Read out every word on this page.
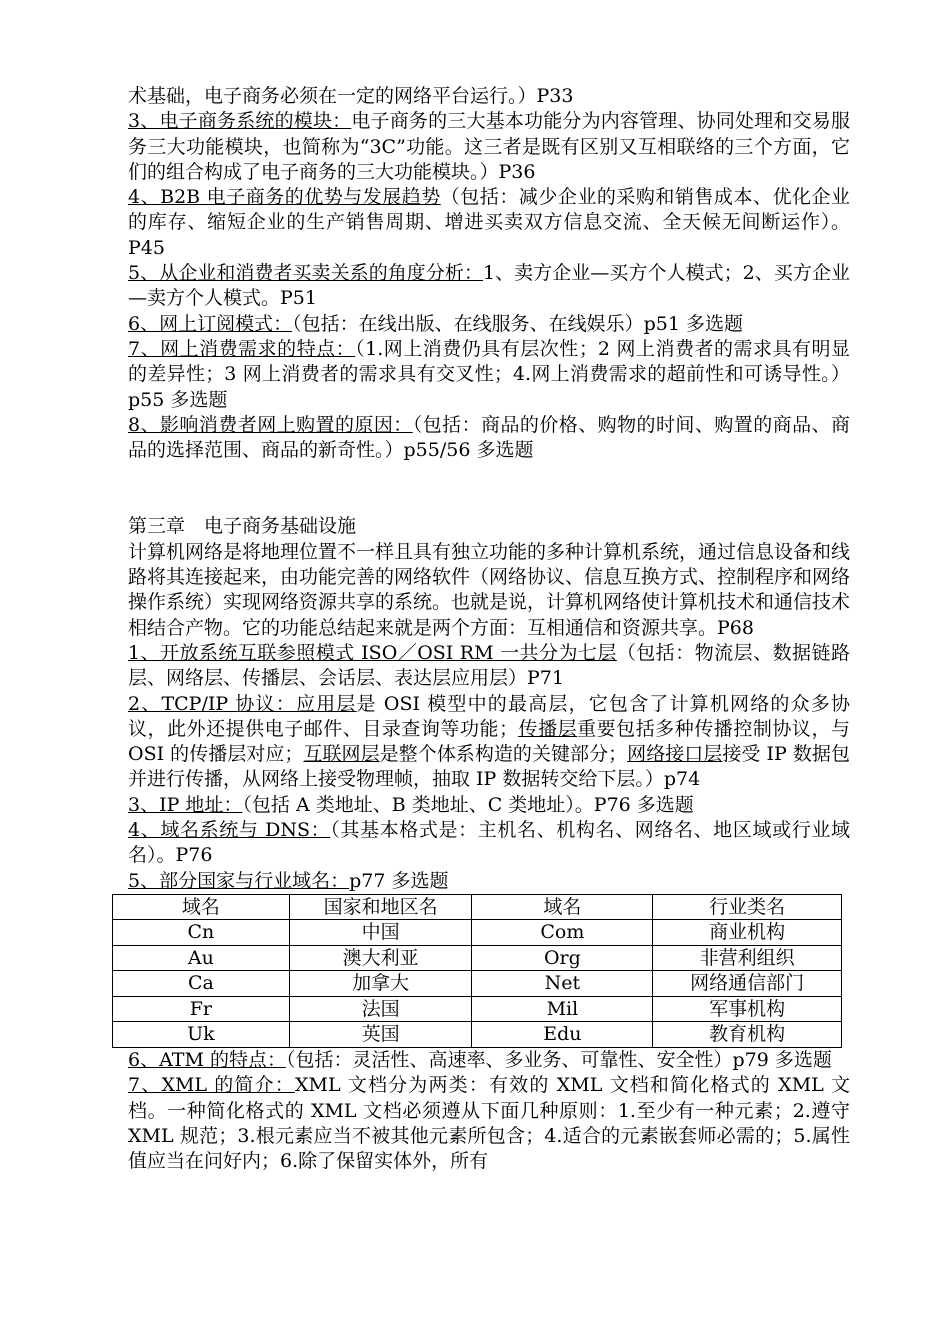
术基础，电子商务必须在一定的网络平台运行。）P33

3、电子商务系统的模块：电子商务的三大基本功能分为内容管理、协同处理和交易服务三大功能模块，也简称为“3C”功能。这三者是既有区别又互相联络的三个方面，它们的组合构成了电子商务的三大功能模块。）P36

4、B2B 电子商务的优势与发展趋势（包括：减少企业的采购和销售成本、优化企业的库存、缩短企业的生产销售周期、增进买卖双方信息交流、全天候无间断运作）。P45

5、从企业和消费者买卖关系的角度分析：1、卖方企业—买方个人模式；2、买方企业—卖方个人模式。P51

6、网上订阅模式：（包括：在线出版、在线服务、在线娱乐）p51 多选题

7、网上消费需求的特点：（1.网上消费仍具有层次性；2 网上消费者的需求具有明显的差异性；3 网上消费者的需求具有交叉性；4.网上消费需求的超前性和可诱导性。）p55 多选题

8、影响消费者网上购置的原因：（包括：商品的价格、购物的时间、购置的商品、商品的选择范围、商品的新奇性。）p55/56 多选题

第三章　电子商务基础设施

计算机网络是将地理位置不一样且具有独立功能的多种计算机系统，通过信息设备和线路将其连接起来，由功能完善的网络软件（网络协议、信息互换方式、控制程序和网络操作系统）实现网络资源共享的系统。也就是说，计算机网络使计算机技术和通信技术相结合产物。它的功能总结起来就是两个方面：互相通信和资源共享。P68

1、开放系统互联参照模式 ISO／OSI RM 一共分为七层（包括：物流层、数据链路层、网络层、传播层、会话层、表达层应用层）P71

2、TCP/IP 协议：应用层是 OSI 模型中的最高层，它包含了计算机网络的众多协议，此外还提供电子邮件、目录查询等功能；传播层重要包括多种传播控制协议，与 OSI 的传播层对应；互联网层是整个体系构造的关键部分；网络接口层接受 IP 数据包并进行传播，从网络上接受物理帧，抽取 IP 数据转交给下层。）p74

3、IP 地址：（包括 A 类地址、B 类地址、C 类地址）。P76 多选题

4、域名系统与 DNS：（其基本格式是：主机名、机构名、网络名、地区域或行业域名）。P76

5、部分国家与行业域名：p77 多选题

域名	国家和地区名	域名	行业类名
Cn	中国	Com	商业机构
Au	澳大利亚	Org	非营利组织
Ca	加拿大	Net	网络通信部门
Fr	法国	Mil	军事机构
Uk	英国	Edu	教育机构

6、ATM 的特点：（包括：灵活性、高速率、多业务、可靠性、安全性）p79 多选题

7、XML 的简介：XML 文档分为两类：有效的 XML 文档和简化格式的 XML 文档。一种简化格式的 XML 文档必须遵从下面几种原则：1.至少有一种元素；2.遵守 XML 规范；3.根元素应当不被其他元素所包含；4.适合的元素嵌套师必需的；5.属性值应当在问好内；6.除了保留实体外，所有
